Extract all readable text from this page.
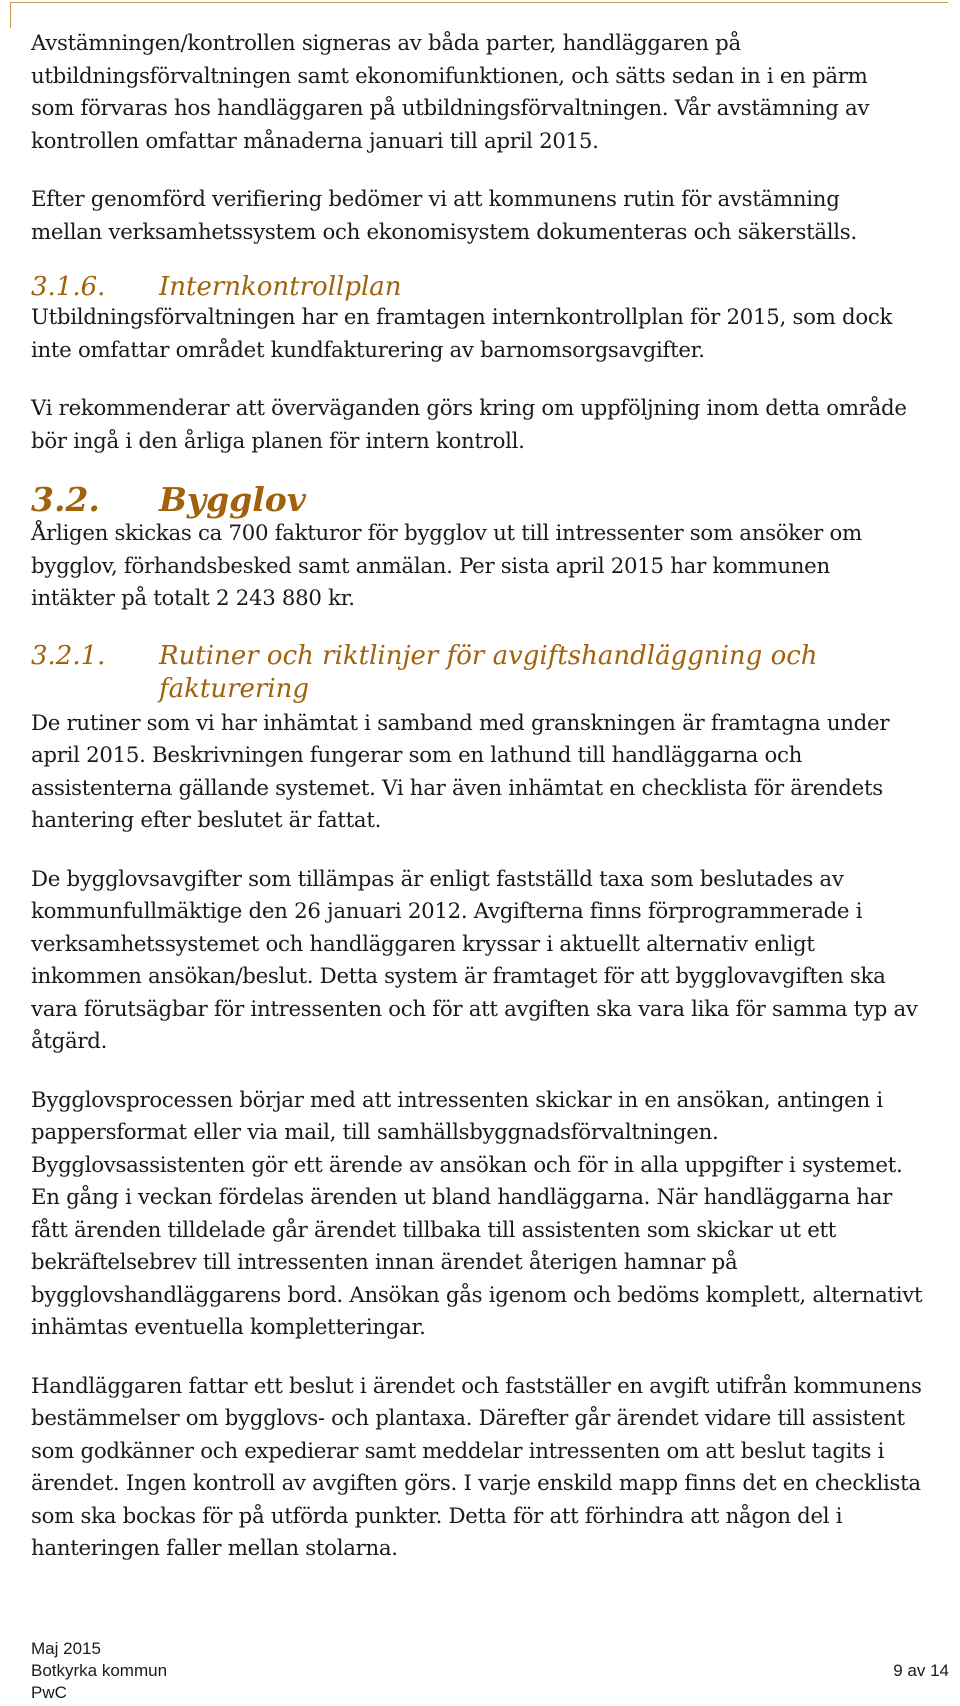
Avstämningen/kontrollen signeras av båda parter, handläggaren på

utbildningsförvaltningen samt ekonomifunktionen, och sätts sedan in i en pärm

som förvaras hos handläggaren på utbildningsförvaltningen. Vår avstämning av

kontrollen omfattar månaderna januari till april 2015.

Efter genomförd verifiering bedömer vi att kommunens rutin för avstämning

mellan verksamhetssystem och ekonomisystem dokumenteras och säkerställs.

3.1.6.	Internkontrollplan

Utbildningsförvaltningen har en framtagen internkontrollplan för 2015, som dock

inte omfattar området kundfakturering av barnomsorgsavgifter.

Vi rekommenderar att överväganden görs kring om uppföljning inom detta område

bör ingå i den årliga planen för intern kontroll.

3.2.	Bygglov

Årligen skickas ca 700 fakturor för bygglov ut till intressenter som ansöker om

bygglov, förhandsbesked samt anmälan. Per sista april 2015 har kommunen

intäkter på totalt 2 243 880 kr.

3.2.1.	Rutiner och riktlinjer för avgiftshandläggning och fakturering

De rutiner som vi har inhämtat i samband med granskningen är framtagna under

april 2015. Beskrivningen fungerar som en lathund till handläggarna och

assistenterna gällande systemet. Vi har även inhämtat en checklista för ärendets

hantering efter beslutet är fattat.

De bygglovsavgifter som tillämpas är enligt fastställd taxa som beslutades av

kommunfullmäktige den 26 januari 2012. Avgifterna finns förprogrammerade i

verksamhetssystemet och handläggaren kryssar i aktuellt alternativ enligt

inkommen ansökan/beslut. Detta system är framtaget för att bygglovavgiften ska

vara förutsägbar för intressenten och för att avgiften ska vara lika för samma typ av

åtgärd.

Bygglovsprocessen börjar med att intressenten skickar in en ansökan, antingen i

pappersformat eller via mail, till samhällsbyggnadsförvaltningen.

Bygglovsassistenten gör ett ärende av ansökan och för in alla uppgifter i systemet.

En gång i veckan fördelas ärenden ut bland handläggarna. När handläggarna har

fått ärenden tilldelade går ärendet tillbaka till assistenten som skickar ut ett

bekräftelsebrev till intressenten innan ärendet återigen hamnar på

bygglovshandläggarens bord. Ansökan gås igenom och bedöms komplett, alternativt

inhämtas eventuella kompletteringar.

Handläggaren fattar ett beslut i ärendet och fastställer en avgift utifrån kommunens

bestämmelser om bygglovs- och plantaxa. Därefter går ärendet vidare till assistent

som godkänner och expedierar samt meddelar intressenten om att beslut tagits i

ärendet. Ingen kontroll av avgiften görs. I varje enskild mapp finns det en checklista

som ska bockas för på utförda punkter. Detta för att förhindra att någon del i

hanteringen faller mellan stolarna.

Maj 2015
Botkyrka kommun	9 av 14
PwC
